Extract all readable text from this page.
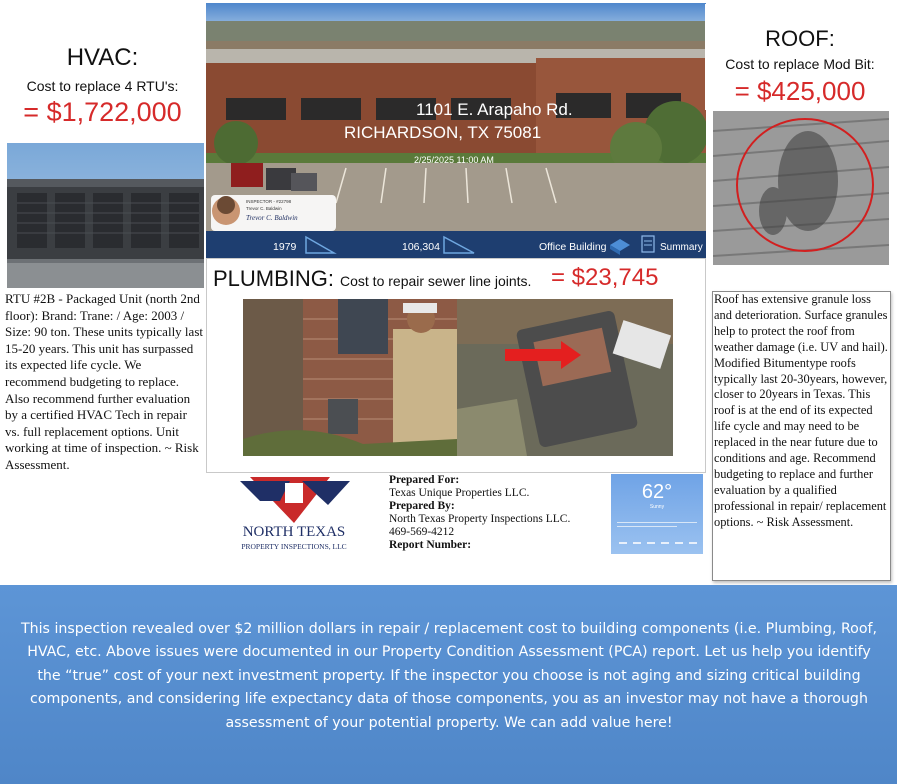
HVAC:
Cost to replace 4 RTU's:
= $1,722,000
RTU #2B - Packaged Unit (north 2nd floor): Brand: Trane: / Age: 2003 / Size: 90 ton. These units typically last 15-20 years. This unit has surpassed its expected life cycle. We recommend budgeting to replace. Also recommend further evaluation by a certified HVAC Tech in repair vs. full replacement options. Unit working at time of inspection. ~ Risk Assessment.
1101 E. Arapaho Rd.
RICHARDSON, TX 75081
2/25/2025 11:00 AM
INSPECTOR - #22798
Trevor C. Baldwin
Trevor C. Baldwin
1979	106,304	Office Building	Summary
ROOF:
Cost to replace Mod Bit:
= $425,000
Roof has extensive granule loss and deterioration. Surface granules help to protect the roof from weather damage (i.e. UV and hail). Modified Bitumentype roofs typically last 20-30years, however, closer to 20years in Texas. This roof is at the end of its expected life cycle and may need to be replaced in the near future due to conditions and age. Recommend budgeting to replace and further evaluation by a qualified professional in repair/ replacement options. ~ Risk Assessment.
PLUMBING: Cost to repair sewer line joints. = $23,745
NORTH TEXAS
PROPERTY INSPECTIONS, LLC
Prepared For:
Texas Unique Properties LLC.
Prepared By:
North Texas Property Inspections LLC.
469-569-4212
Report Number:
62°
Sunny
This inspection revealed over $2 million dollars in repair / replacement cost to building components (i.e. Plumbing, Roof, HVAC, etc. Above issues were documented in our Property Condition Assessment (PCA) report. Let us help you identify the “true” cost of your next investment property. If the inspector you choose is not aging and sizing critical building components, and considering life expectancy data of those components, you as an investor may not have a thorough assessment of your potential property. We can add value here!
